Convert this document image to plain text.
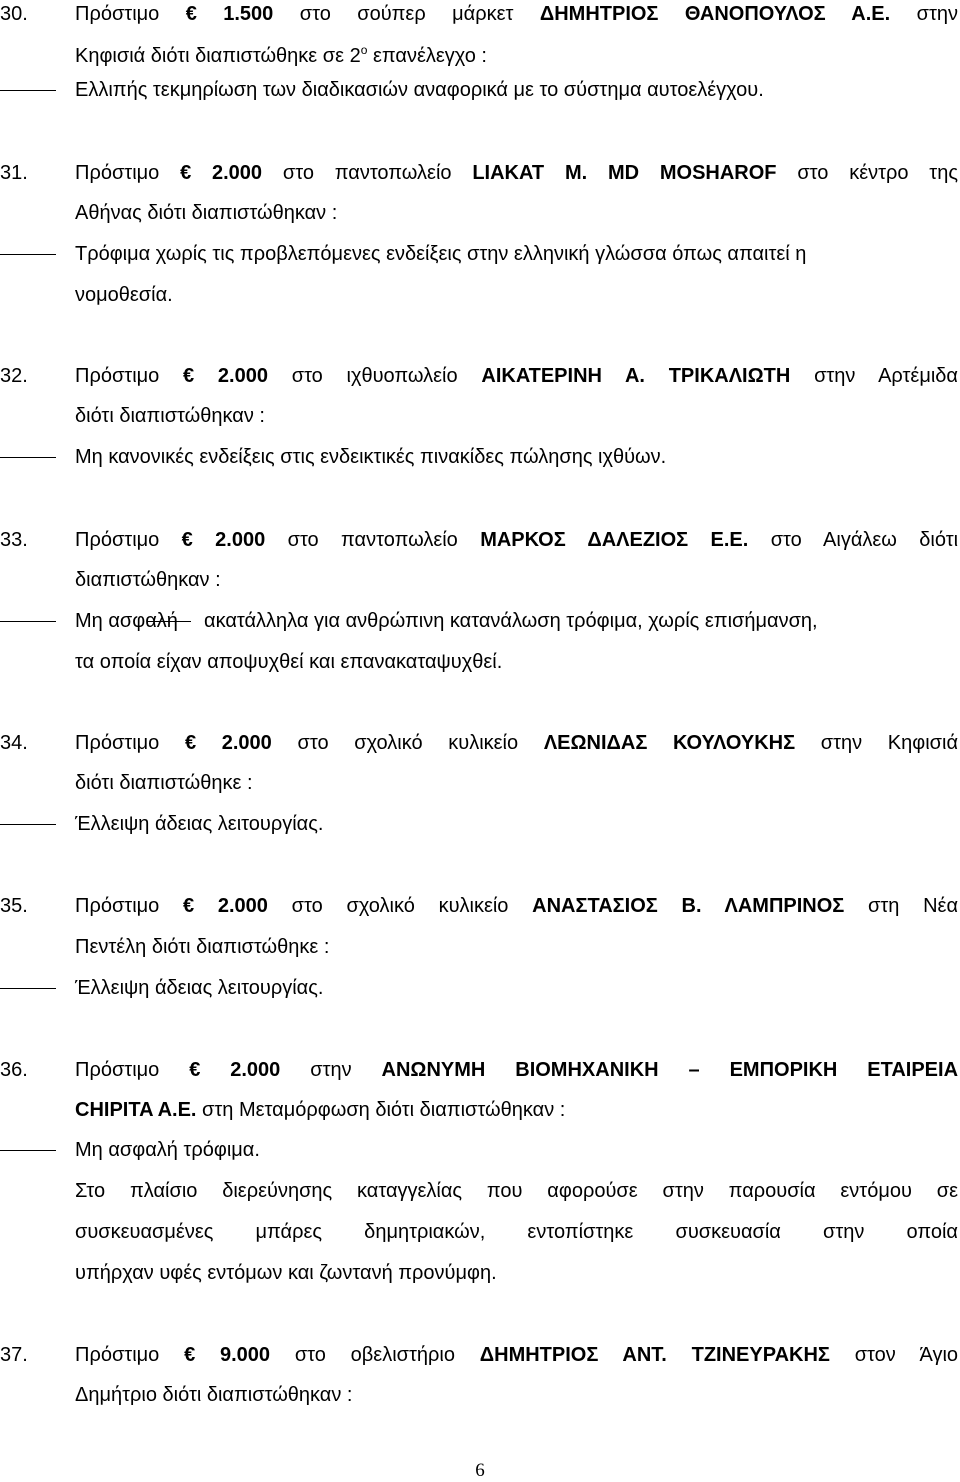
30. Πρόστιμο € 1.500 στο σούπερ μάρκετ ΔΗΜΗΤΡΙΟΣ ΘΑΝΟΠΟΥΛΟΣ Α.Ε. στην
Κηφισιά διότι διαπιστώθηκε σε $2^o$ επανέλεγχο :
Ελλιπής τεκμηρίωση των διαδικασιών αναφορικά με το σύστημα αυτοελέγχου.
31. Πρόστιμο € 2.000 στο παντοπωλείο LIAKAT M. MD MOSHAROF στο κέντρο της
Αθήνας διότι διαπιστώθηκαν :
Τρόφιμα χωρίς τις προβλεπόμενες ενδείξεις στην ελληνική γλώσσα όπως απαιτεί η
νομοθεσία.
32. Πρόστιμο € 2.000 στο ιχθυοπωλείο ΑΙΚΑΤΕΡΙΝΗ Α. ΤΡΙΚΑΛΙΩΤΗ στην Αρτέμιδα
διότι διαπιστώθηκαν :
Μη κανονικές ενδείξεις στις ενδεικτικές πινακίδες πώλησης ιχθύων.
33. Πρόστιμο € 2.000 στο παντοπωλείο ΜΑΡΚΟΣ ΔΑΛΕΖΙΟΣ Ε.Ε. στο Αιγάλεω διότι
διαπιστώθηκαν :
Μη ασφαλή ακατάλληλα για ανθρώπινη κατανάλωση τρόφιμα, χωρίς επισήμανση,
τα οποία είχαν αποψυχθεί και επανακαταψυχθεί.
34. Πρόστιμο € 2.000 στο σχολικό κυλικείο ΛΕΩΝΙΔΑΣ ΚΟΥΛΟΥΚΗΣ στην Κηφισιά
διότι διαπιστώθηκε :
Έλλειψη άδειας λειτουργίας.
35. Πρόστιμο € 2.000 στο σχολικό κυλικείο ΑΝΑΣΤΑΣΙΟΣ Β. ΛΑΜΠΡΙΝΟΣ στη Νέα
Πεντέλη διότι διαπιστώθηκε :
Έλλειψη άδειας λειτουργίας.
36. Πρόστιμο € 2.000 στην ΑΝΩΝΥΜΗ ΒΙΟΜΗΧΑΝΙΚΗ – ΕΜΠΟΡΙΚΗ ΕΤΑΙΡΕΙΑ
CHIPITA A.E. στη Μεταμόρφωση διότι διαπιστώθηκαν :
Μη ασφαλή τρόφιμα.
Στο πλαίσιο διερεύνησης καταγγελίας που αφορούσε στην παρουσία εντόμου σε
συσκευασμένες μπάρες δημητριακών, εντοπίστηκε συσκευασία στην οποία
υπήρχαν υφές εντόμων και ζωντανή προνύμφη.
37. Πρόστιμο € 9.000 στο οβελιστήριο ΔΗΜΗΤΡΙΟΣ ΑΝΤ. ΤΖΙΝΕΥΡΑΚΗΣ στον Άγιο
Δημήτριο διότι διαπιστώθηκαν :
6
